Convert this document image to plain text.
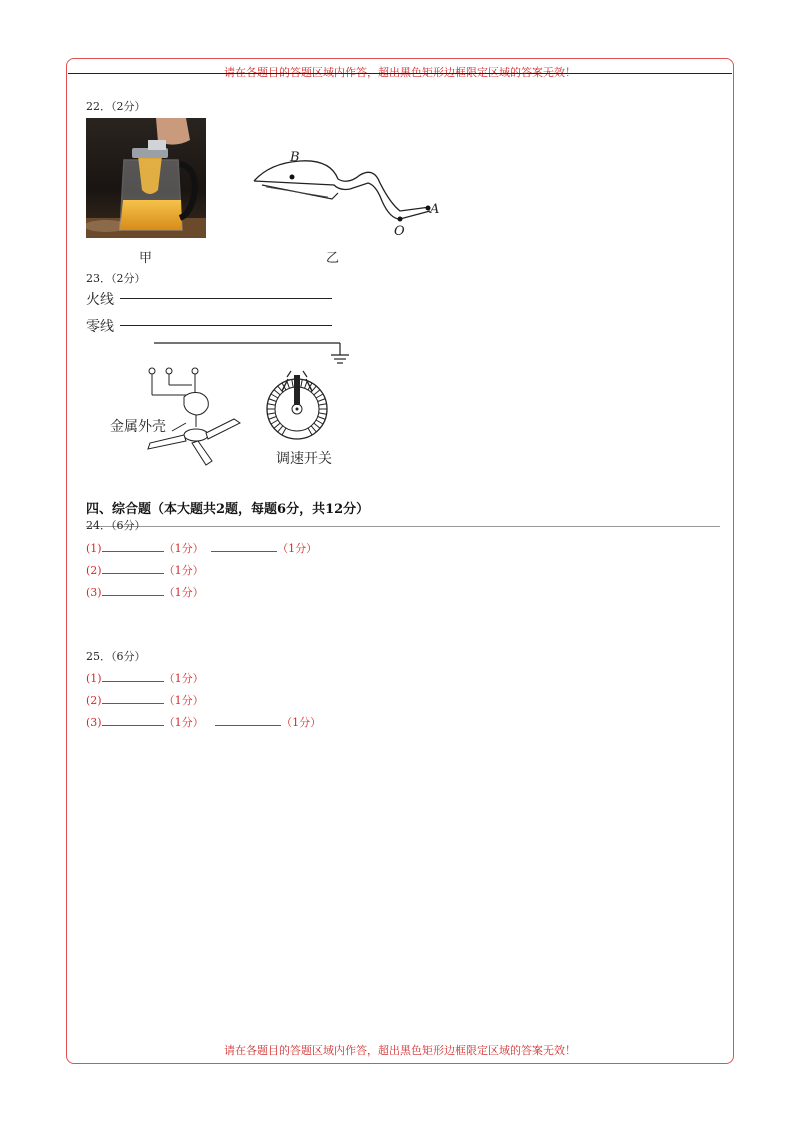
请在各题目的答题区域内作答，超出黑色矩形边框限定区域的答案无效！
22．（2分）
甲
B
A
O
乙
23．（2分）
火线
零线
金属外壳
调速开关
四、综合题（本大题共2题，每题6分，共12分）
24．（6分）
(1)	（1分）	（1分）
(2)	（1分）
(3)	（1分）
25．（6分）
(1)	（1分）
(2)	（1分）
(3)	（1分）	（1分）
请在各题目的答题区域内作答，超出黑色矩形边框限定区域的答案无效！
